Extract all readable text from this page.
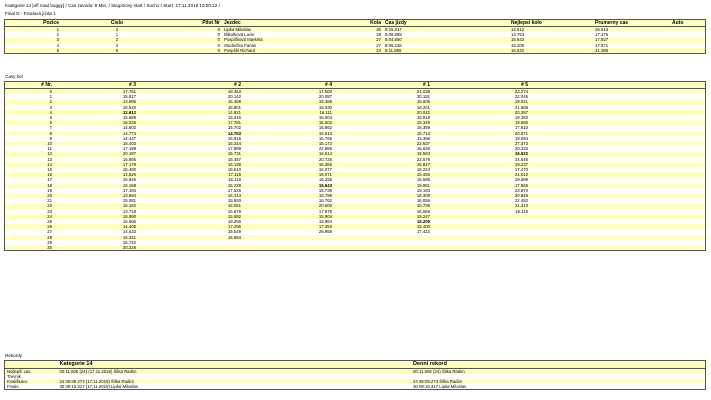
Kategorie 14 [off road buggy] / Cas zavodu: 8 Min. / Skupinovy start / Sucho / Start: 17.11.2019 10:00:22 /
Final D - Finalová jízda 1
Pozice	Cislo	Pilot Nr	Jezdec	Kola	Cas jizdy	Nejlepsi kolo	Prumerny cas	Auto
1	3	0	Lipka Miloslav	30	8:15.317	12.612	16.510	
2	1	0	Mikulková Lucie	28	8:08.885	14.753	17.376	
3	2	0	Pospíšilová Markéta	27	8:04.650	15.643	17.927	
4	4	0	Studnička Fanan	27	8:05.236	15.205	17.971	
5	5	0	Pospíšil Richard	23	8:11.855	16.622	21.385	
Casy kol
# Nr.	# 3	# 2	# 4	# 1	# 5	
0	17.761	18.463	17.500	21.039	23.274	
1	15.817	20.142	20.087	30.181	22.046	
2	13.586	15.459	15.365	15.606	19.021	
3	15.620	16.801	16.330	16.201	21.668	
4	12.612	14.821	16.111	20.042	20.387	
5	15.688	15.316	16.004	15.918	19.283	
6	15.026	17.781	15.502	15.349	19.686	
7	14.602	15.702	15.862	16.369	17.610	
8	14.774	14.753	15.613	15.713	20.671	
9	14.437	15.815	15.766	15.366	19.094	
10	16.403	16.344	15.173	22.637	27.373	
11	17.199	17.889	22.885	15.626	20.334	
12	20.197	15.731	16.614	15.563	16.622	
13	15.866	15.457	20.726	22.579	24.546	
14	17.179	16.139	16.366	15.847	19.237	
15	15.480	16.610	16.077	16.224	17.470	
16	14.526	17.115	16.071	15.466	21.010	
17	15.946	16.119	16.255	15.585	19.689	
18	16.158	16.229	15.643	15.951	17.565	
19	17.184	17.525	15.736	18.193	23.870	
20	13.684	16.414	15.796	15.309	20.846	
21	15.081	15.593	16.762	16.056	22.482	
22	15.162	16.051	20.600	15.705	21.413	
23	13.718	16.978	17.878	15.666	19.115	
24	16.990	15.592	15.904	15.247		
25	15.666	16.256	15.864	15.205		
26	14.405	17.296	17.353	16.400		
27	14.633	15.529	26.958	17.422		
28	15.341	15.994				
29	16.742					
30	20.228					
Rekordy
	Kategorie 14	Denni rekord
Nejlepší cas	00:11.605 (24) (17.11.2019) Šilka Radim	00:11.605 (24) Šilka Radim
Trevnik		
Kvalifikace	24 05:09.273 (17.11.2019) Šilka Radim	24 05:09.273 Šilka Radim
Finale	30 08:15.317 (17.11.2019) Lipka Miloslav	30 08:15.317 Lipka Miloslav
